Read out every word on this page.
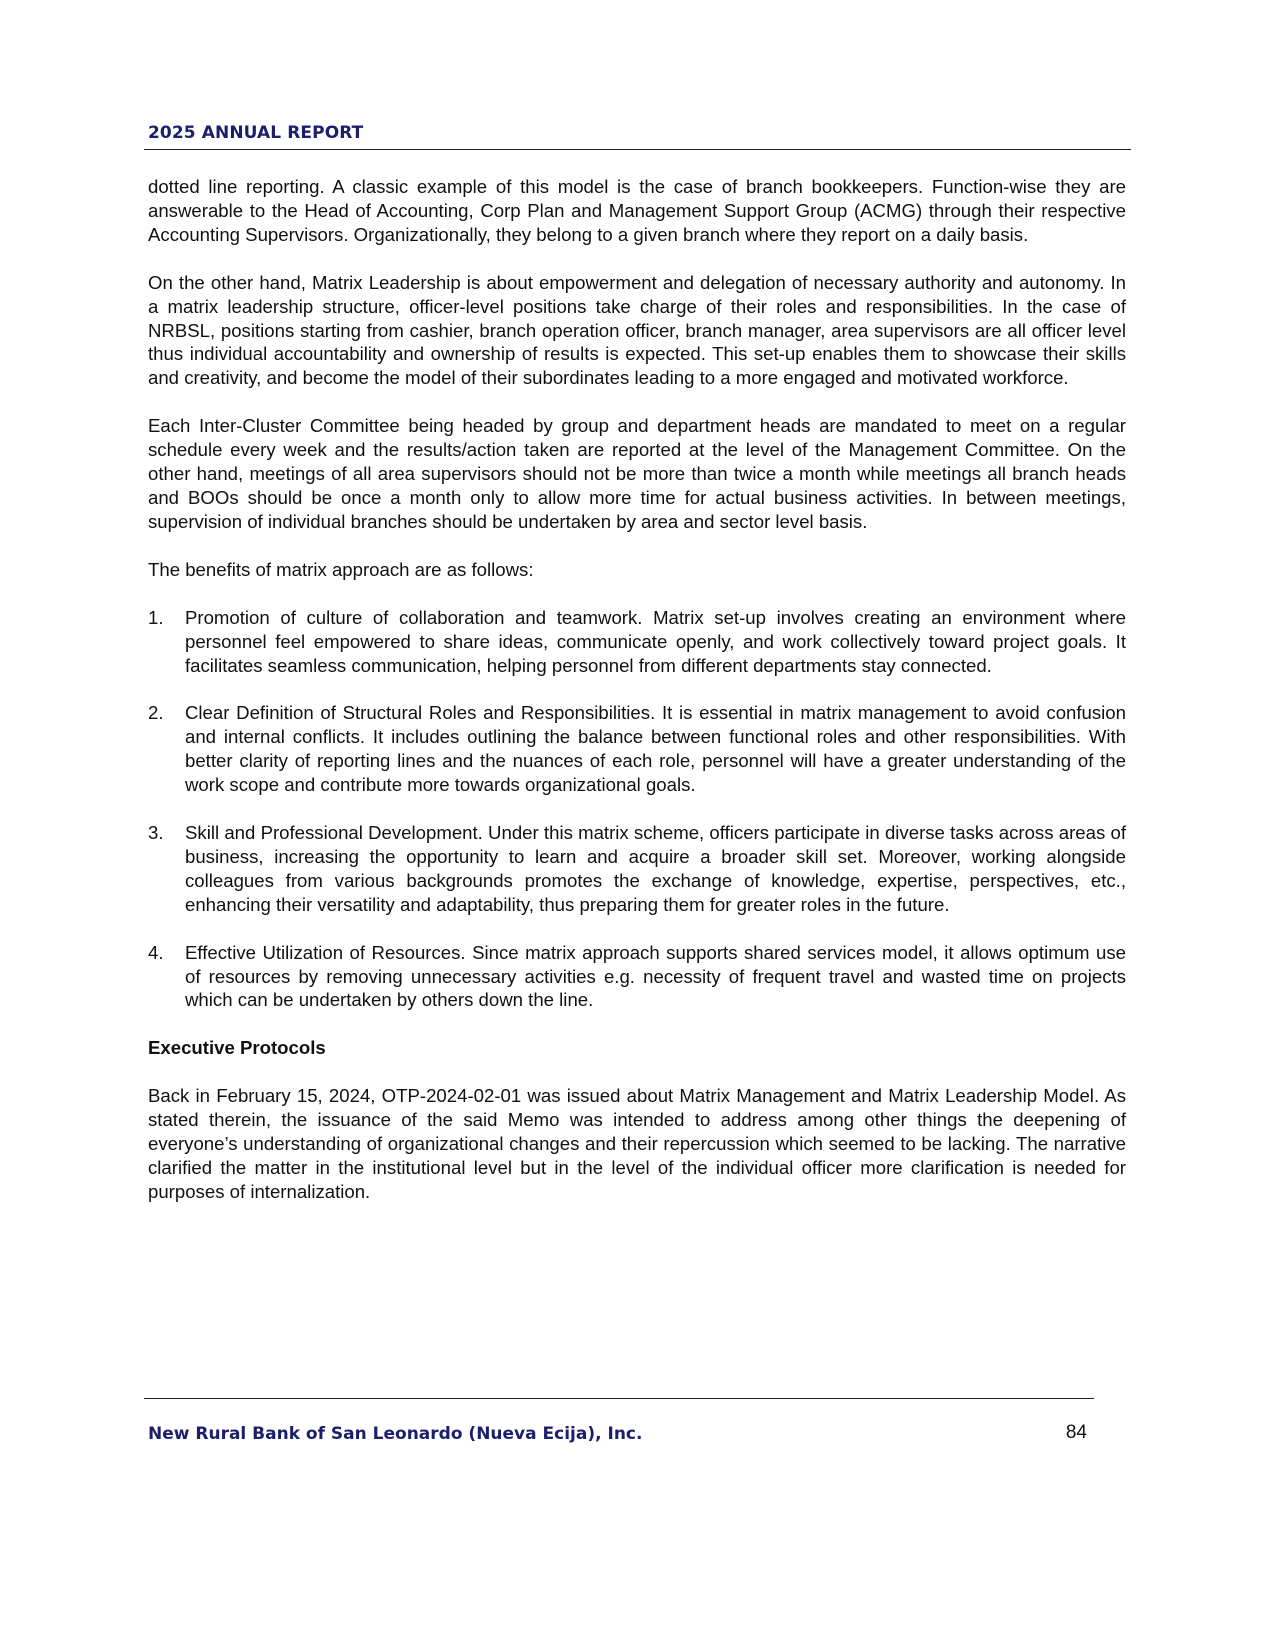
2025 ANNUAL REPORT

dotted line reporting. A classic example of this model is the case of branch bookkeepers. Function-wise they are answerable to the Head of Accounting, Corp Plan and Management Support Group (ACMG) through their respective Accounting Supervisors. Organizationally, they belong to a given branch where they report on a daily basis.

On the other hand, Matrix Leadership is about empowerment and delegation of necessary authority and autonomy. In a matrix leadership structure, officer-level positions take charge of their roles and responsibilities. In the case of NRBSL, positions starting from cashier, branch operation officer, branch manager, area supervisors are all officer level thus individual accountability and ownership of results is expected. This set-up enables them to showcase their skills and creativity, and become the model of their subordinates leading to a more engaged and motivated workforce.

Each Inter-Cluster Committee being headed by group and department heads are mandated to meet on a regular schedule every week and the results/action taken are reported at the level of the Management Committee. On the other hand, meetings of all area supervisors should not be more than twice a month while meetings all branch heads and BOOs should be once a month only to allow more time for actual business activities. In between meetings, supervision of individual branches should be undertaken by area and sector level basis.

The benefits of matrix approach are as follows:

1.	Promotion of culture of collaboration and teamwork. Matrix set-up involves creating an environment where personnel feel empowered to share ideas, communicate openly, and work collectively toward project goals. It facilitates seamless communication, helping personnel from different departments stay connected.
2.	Clear Definition of Structural Roles and Responsibilities. It is essential in matrix management to avoid confusion and internal conflicts. It includes outlining the balance between functional roles and other responsibilities. With better clarity of reporting lines and the nuances of each role, personnel will have a greater understanding of the work scope and contribute more towards organizational goals.
3.	Skill and Professional Development. Under this matrix scheme, officers participate in diverse tasks across areas of business, increasing the opportunity to learn and acquire a broader skill set. Moreover, working alongside colleagues from various backgrounds promotes the exchange of knowledge, expertise, perspectives, etc., enhancing their versatility and adaptability, thus preparing them for greater roles in the future.
4.	Effective Utilization of Resources. Since matrix approach supports shared services model, it allows optimum use of resources by removing unnecessary activities e.g. necessity of frequent travel and wasted time on projects which can be undertaken by others down the line.
Executive Protocols

Back in February 15, 2024, OTP-2024-02-01 was issued about Matrix Management and Matrix Leadership Model. As stated therein, the issuance of the said Memo was intended to address among other things the deepening of everyone’s understanding of organizational changes and their repercussion which seemed to be lacking. The narrative clarified the matter in the institutional level but in the level of the individual officer more clarification is needed for purposes of internalization.

New Rural Bank of San Leonardo (Nueva Ecija), Inc.	84
